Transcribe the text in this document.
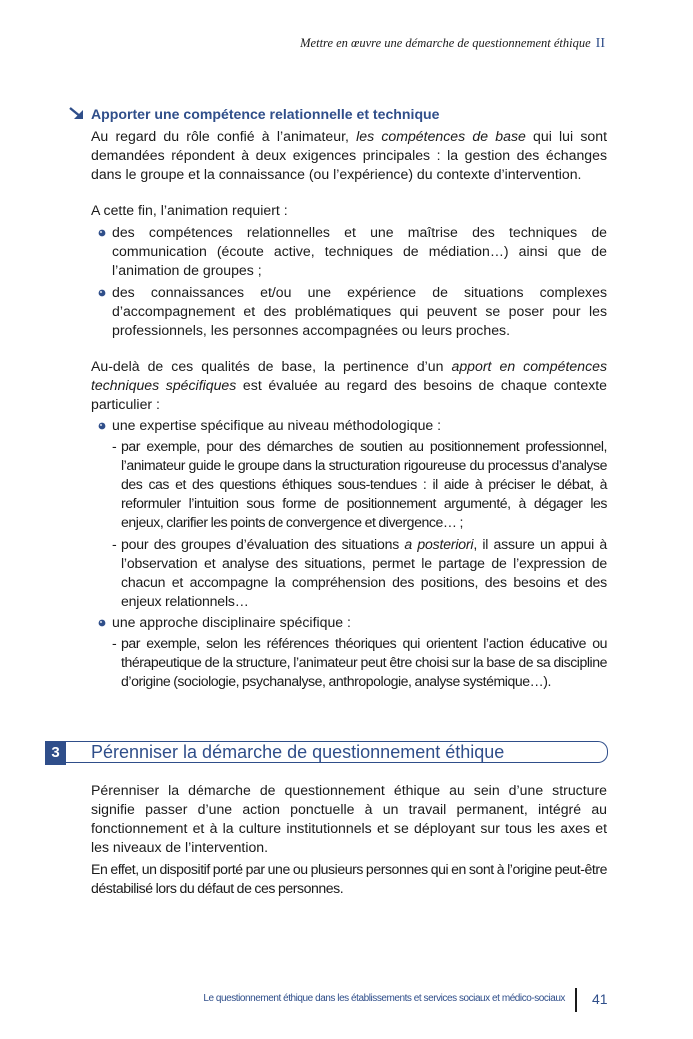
Mettre en œuvre une démarche de questionnement éthique II
Apporter une compétence relationnelle et technique

Au regard du rôle confié à l’animateur, les compétences de base qui lui sont demandées répondent à deux exigences principales : la gestion des échanges dans le groupe et la connaissance (ou l’expérience) du contexte d’intervention.

A cette fin, l’animation requiert :

des compétences relationnelles et une maîtrise des techniques de communication (écoute active, techniques de médiation…) ainsi que de l’animation de groupes ;
des connaissances et/ou une expérience de situations complexes d’accompagnement et des problématiques qui peuvent se poser pour les professionnels, les personnes accompagnées ou leurs proches.

Au-delà de ces qualités de base, la pertinence d’un apport en compétences techniques spécifiques est évaluée au regard des besoins de chaque contexte particulier :

une expertise spécifique au niveau méthodologique :
- par exemple, pour des démarches de soutien au positionnement professionnel, l’animateur guide le groupe dans la structuration rigoureuse du processus d’analyse des cas et des questions éthiques sous-tendues : il aide à préciser le débat, à reformuler l’intuition sous forme de positionnement argumenté, à dégager les enjeux, clarifier les points de convergence et divergence… ;
- pour des groupes d’évaluation des situations a posteriori, il assure un appui à l’observation et analyse des situations, permet le partage de l’expression de chacun et accompagne la compréhension des positions, des besoins et des enjeux relationnels…
une approche disciplinaire spécifique :
- par exemple, selon les références théoriques qui orientent l’action éducative ou thérapeutique de la structure, l’animateur peut être choisi sur la base de sa discipline d’origine (sociologie, psychanalyse, anthropologie, analyse systémique…).
3	Pérenniser la démarche de questionnement éthique

Pérenniser la démarche de questionnement éthique au sein d’une structure signifie passer d’une action ponctuelle à un travail permanent, intégré au fonctionnement et à la culture institutionnels et se déployant sur tous les axes et les niveaux de l’intervention.

En effet, un dispositif porté par une ou plusieurs personnes qui en sont à l’origine peut-être déstabilisé lors du défaut de ces personnes.

Le questionnement éthique dans les établissements et services sociaux et médico-sociaux 41
